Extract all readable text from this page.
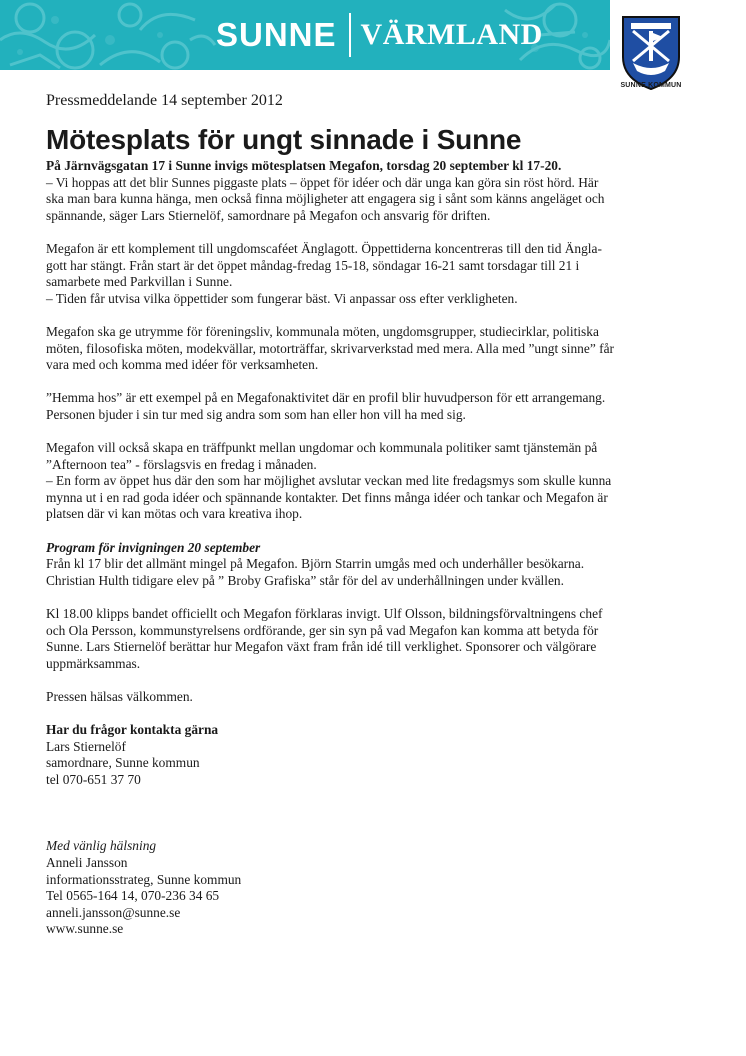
SUNNE VÄRMLAND
SUNNE KOMMUN

Pressmeddelande 14 september 2012

Mötesplats för ungt sinnade i Sunne

På Järnvägsgatan 17 i Sunne invigs mötesplatsen Megafon, torsdag 20 september kl 17-20.

– Vi hoppas att det blir Sunnes piggaste plats – öppet för idéer och där unga kan göra sin röst hörd. Här

ska man bara kunna hänga, men också finna möjligheter att engagera sig i sånt som känns angeläget och

spännande, säger Lars Stiernelöf, samordnare på Megafon och ansvarig för driften.

Megafon är ett komplement till ungdomscaféet Änglagott. Öppettiderna koncentreras till den tid Ängla-

gott har stängt. Från start är det öppet måndag-fredag 15-18, söndagar 16-21 samt torsdagar till 21 i

samarbete med Parkvillan i Sunne.

– Tiden får utvisa vilka öppettider som fungerar bäst. Vi anpassar oss efter verkligheten.

Megafon ska ge utrymme för föreningsliv, kommunala möten, ungdomsgrupper, studiecirklar, politiska

möten, filosofiska möten, modekvällar, motorträffar, skrivarverkstad med mera. Alla med ”ungt sinne” får

vara med och komma med idéer för verksamheten.

”Hemma hos” är ett exempel på en Megafonaktivitet där en profil blir huvudperson för ett arrangemang.

Personen bjuder i sin tur med sig andra som som han eller hon vill ha med sig.

Megafon vill också skapa en träffpunkt mellan ungdomar och kommunala politiker samt tjänstemän på

”Afternoon tea” - förslagsvis en fredag i månaden.

– En form av öppet hus där den som har möjlighet avslutar veckan med lite fredagsmys som skulle kunna

mynna ut i en rad goda idéer och spännande kontakter. Det finns många idéer och tankar och Megafon är

platsen där vi kan mötas och vara kreativa ihop.

Program för invigningen 20 september

Från kl 17 blir det allmänt mingel på Megafon. Björn Starrin umgås med och underhåller besökarna.

Christian Hulth tidigare elev på ” Broby Grafiska” står för del av underhållningen under kvällen.

Kl 18.00 klipps bandet officiellt och Megafon förklaras invigt. Ulf Olsson, bildningsförvaltningens chef

och Ola Persson, kommunstyrelsens ordförande, ger sin syn på vad Megafon kan komma att betyda för

Sunne. Lars Stiernelöf berättar hur Megafon växt fram från idé till verklighet. Sponsorer och välgörare

uppmärksammas.

Pressen hälsas välkommen.

Har du frågor kontakta gärna

Lars Stiernelöf

samordnare, Sunne kommun

tel 070-651 37 70

Med vänlig hälsning

Anneli Jansson

informationsstrateg, Sunne kommun

Tel 0565-164 14, 070-236 34 65

anneli.jansson@sunne.se

www.sunne.se
